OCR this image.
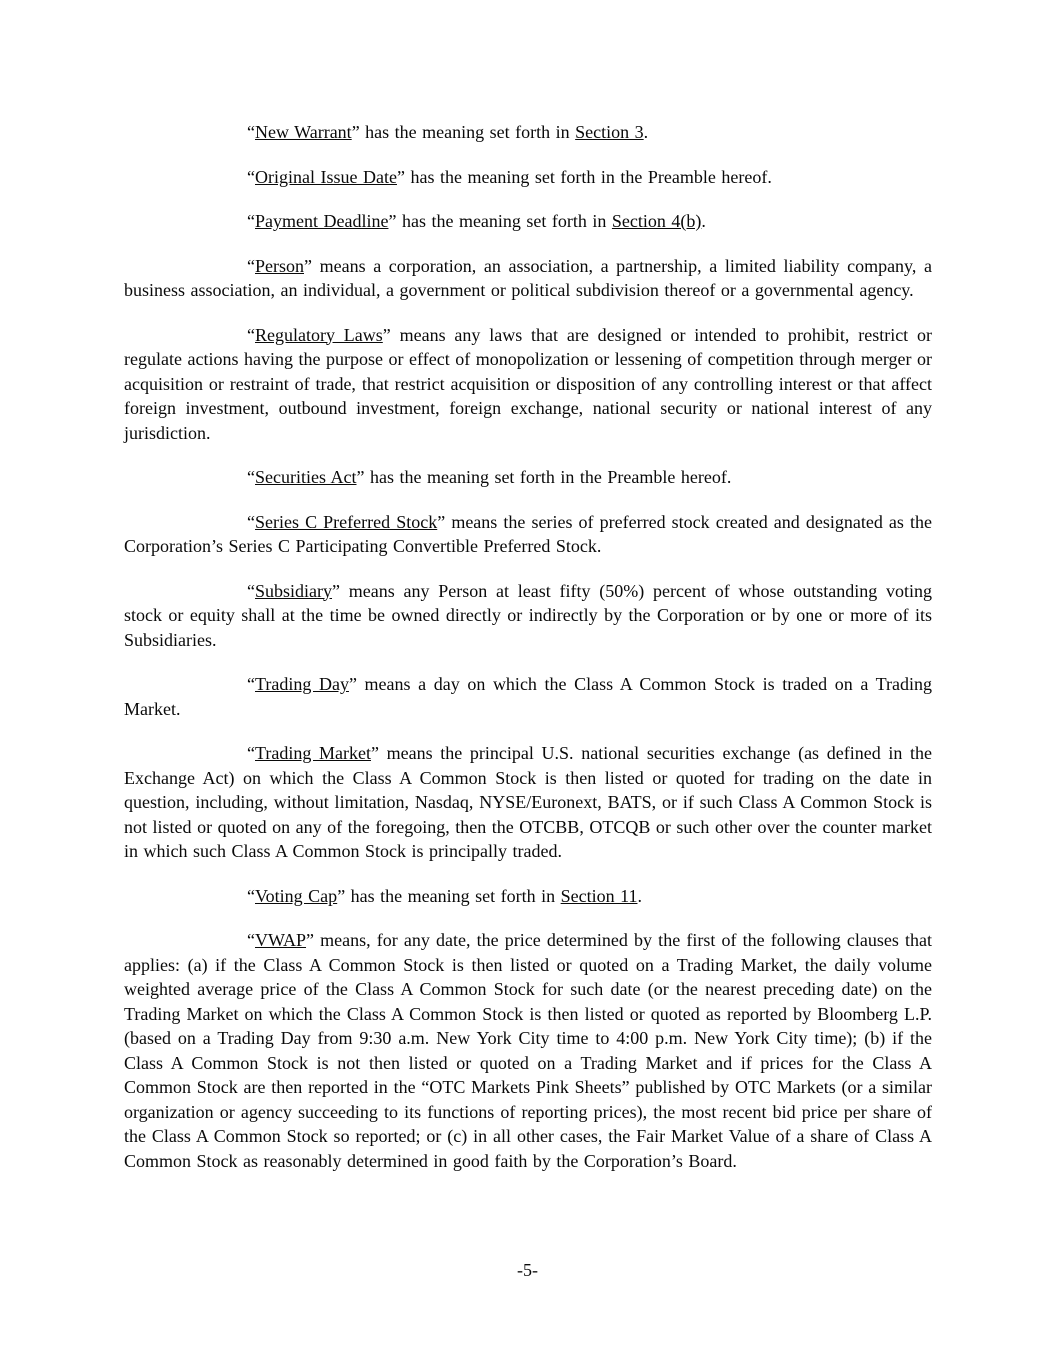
“New Warrant” has the meaning set forth in Section 3.

“Original Issue Date” has the meaning set forth in the Preamble hereof.

“Payment Deadline” has the meaning set forth in Section 4(b).

“Person” means a corporation, an association, a partnership, a limited liability company, a business association, an individual, a government or political subdivision thereof or a governmental agency.

“Regulatory Laws” means any laws that are designed or intended to prohibit, restrict or regulate actions having the purpose or effect of monopolization or lessening of competition through merger or acquisition or restraint of trade, that restrict acquisition or disposition of any controlling interest or that affect foreign investment, outbound investment, foreign exchange, national security or national interest of any jurisdiction.

“Securities Act” has the meaning set forth in the Preamble hereof.

“Series C Preferred Stock” means the series of preferred stock created and designated as the Corporation’s Series C Participating Convertible Preferred Stock.

“Subsidiary” means any Person at least fifty (50%) percent of whose outstanding voting stock or equity shall at the time be owned directly or indirectly by the Corporation or by one or more of its Subsidiaries.

“Trading Day” means a day on which the Class A Common Stock is traded on a Trading Market.

“Trading Market” means the principal U.S. national securities exchange (as defined in the Exchange Act) on which the Class A Common Stock is then listed or quoted for trading on the date in question, including, without limitation, Nasdaq, NYSE/Euronext, BATS, or if such Class A Common Stock is not listed or quoted on any of the foregoing, then the OTCBB, OTCQB or such other over the counter market in which such Class A Common Stock is principally traded.

“Voting Cap” has the meaning set forth in Section 11.

“VWAP” means, for any date, the price determined by the first of the following clauses that applies: (a) if the Class A Common Stock is then listed or quoted on a Trading Market, the daily volume weighted average price of the Class A Common Stock for such date (or the nearest preceding date) on the Trading Market on which the Class A Common Stock is then listed or quoted as reported by Bloomberg L.P. (based on a Trading Day from 9:30 a.m. New York City time to 4:00 p.m. New York City time); (b) if the Class A Common Stock is not then listed or quoted on a Trading Market and if prices for the Class A Common Stock are then reported in the “OTC Markets Pink Sheets” published by OTC Markets (or a similar organization or agency succeeding to its functions of reporting prices), the most recent bid price per share of the Class A Common Stock so reported; or (c) in all other cases, the Fair Market Value of a share of Class A Common Stock as reasonably determined in good faith by the Corporation’s Board.

-5-
